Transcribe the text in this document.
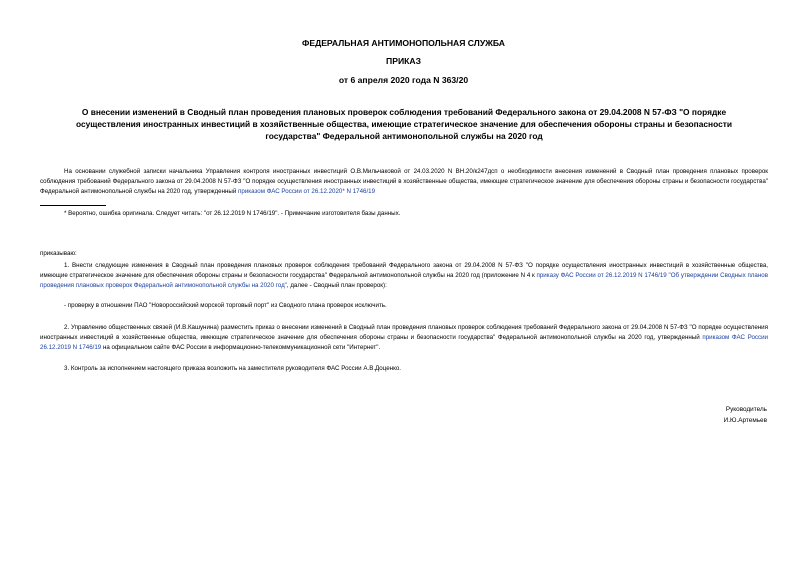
ФЕДЕРАЛЬНАЯ АНТИМОНОПОЛЬНАЯ СЛУЖБА
ПРИКАЗ
от 6 апреля 2020 года N 363/20
О внесении изменений в Сводный план проведения плановых проверок соблюдения требований Федерального закона от 29.04.2008 N 57-ФЗ "О порядке осуществления иностранных инвестиций в хозяйственные общества, имеющие стратегическое значение для обеспечения обороны страны и безопасности государства" Федеральной антимонопольной службы на 2020 год
На основании служебной записки начальника Управления контроля иностранных инвестиций О.В.Мильчаковой от 24.03.2020 N ВН.20/к247дсп о необходимости внесения изменений в Сводный план проведения плановых проверок соблюдения требований Федерального закона от 29.04.2008 N 57-ФЗ "О порядке осуществления иностранных инвестиций в хозяйственные общества, имеющие стратегическое значение для обеспечения обороны страны и безопасности государства" Федеральной антимонопольной службы на 2020 год, утвержденный приказом ФАС России от 26.12.2020* N 1746/19
* Вероятно, ошибка оригинала. Следует читать: "от 26.12.2019 N 1746/19". - Примечание изготовителя базы данных.
приказываю:
1. Внести следующие изменения в Сводный план проведения плановых проверок соблюдения требований Федерального закона от 29.04.2008 N 57-ФЗ "О порядке осуществления иностранных инвестиций в хозяйственные общества, имеющие стратегическое значение для обеспечения обороны страны и безопасности государства" Федеральной антимонопольной службы на 2020 год (приложение N 4 к приказу ФАС России от 26.12.2019 N 1746/19 "Об утверждении Сводных планов проведения плановых проверок Федеральной антимонопольной службы на 2020 год", далее - Сводный план проверок):
- проверку в отношении ПАО "Новороссийский морской торговый порт" из Сводного плана проверок исключить.
2. Управлению общественных связей (И.В.Кашунина) разместить приказ о внесении изменений в Сводный план проведения плановых проверок соблюдения требований Федерального закона от 29.04.2008 N 57-ФЗ "О порядке осуществления иностранных инвестиций в хозяйственные общества, имеющие стратегическое значение для обеспечения обороны страны и безопасности государства" Федеральной антимонопольной службы на 2020 год, утвержденный приказом ФАС России 26.12.2019 N 1746/19 на официальном сайте ФАС России в информационно-телекоммуникационной сети "Интернет".
3. Контроль за исполнением настоящего приказа возложить на заместителя руководителя ФАС России А.В.Доценко.
Руководитель
И.Ю.Артемьев
